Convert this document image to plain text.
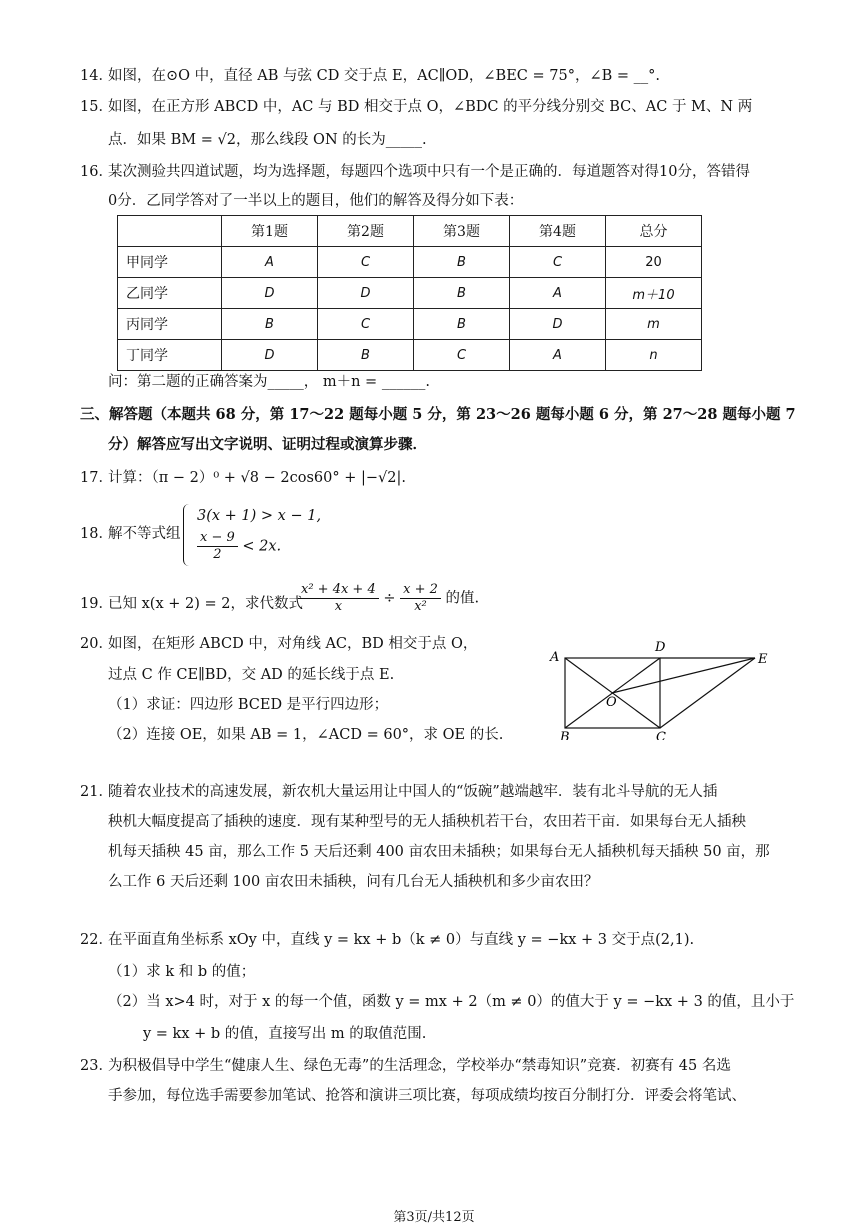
14．如图，在⊙O 中，直径 AB 与弦 CD 交于点 E，AC∥OD，∠BEC = 75°，∠B = __°.
15．如图，在正方形 ABCD 中，AC 与 BD 相交于点 O，∠BDC 的平分线分别交 BC、AC 于 M、N 两
点．如果 BM = √2，那么线段 ON 的长为_____.
16．某次测验共四道试题，均为选择题，每题四个选项中只有一个是正确的．每道题答对得10分，答错得
0分．乙同学答对了一半以上的题目，他们的解答及得分如下表：
	第1题	第2题	第3题	第4题	总分
甲同学	A	C	B	C	20
乙同学	D	D	B	A	m＋10
丙同学	B	C	B	D	m
丁同学	D	B	C	A	n
问：第二题的正确答案为_____， m＋n = ______.
三、解答题（本题共 68 分，第 17～22 题每小题 5 分，第 23～26 题每小题 6 分，第 27～28 题每小题 7
分）解答应写出文字说明、证明过程或演算步骤．
17．计算：（π − 2）⁰ + √8 − 2cos60° + |−√2|.
18．解不等式组
3(x + 1) > x − 1,
$\frac{x - 9}{2} < 2x$.
19．已知 x(x + 2) = 2，求代数式
$\frac{\text{x² + 4x + 4}}{x} \div \frac{x + 2}{\text{x²}}$ 的值.
20．如图，在矩形 ABCD 中，对角线 AC，BD 相交于点 O，
过点 C 作 CE∥BD，交 AD 的延长线于点 E.
（1）求证：四边形 BCED 是平行四边形；
（2）连接 OE，如果 AB = 1，∠ACD = 60°，求 OE 的长.
A
D
E
O
B	C
21．随着农业技术的高速发展，新农机大量运用让中国人的“饭碗”越端越牢．装有北斗导航的无人插
秧机大幅度提高了插秧的速度．现有某种型号的无人插秧机若干台，农田若干亩．如果每台无人插秧
机每天插秧 45 亩，那么工作 5 天后还剩 400 亩农田未插秧；如果每台无人插秧机每天插秧 50 亩，那
么工作 6 天后还剩 100 亩农田未插秧，问有几台无人插秧机和多少亩农田？
22．在平面直角坐标系 xOy 中，直线 y = kx + b（k ≠ 0）与直线 y = −kx + 3 交于点(2,1).
（1）求 k 和 b 的值；
（2）当 x>4 时，对于 x 的每一个值，函数 y = mx + 2（m ≠ 0）的值大于 y = −kx + 3 的值，且小于
y = kx + b 的值，直接写出 m 的取值范围.
23．为积极倡导中学生“健康人生、绿色无毒”的生活理念，学校举办“禁毒知识”竞赛．初赛有 45 名选
手参加，每位选手需要参加笔试、抢答和演讲三项比赛，每项成绩均按百分制打分．评委会将笔试、
第3页/共12页
